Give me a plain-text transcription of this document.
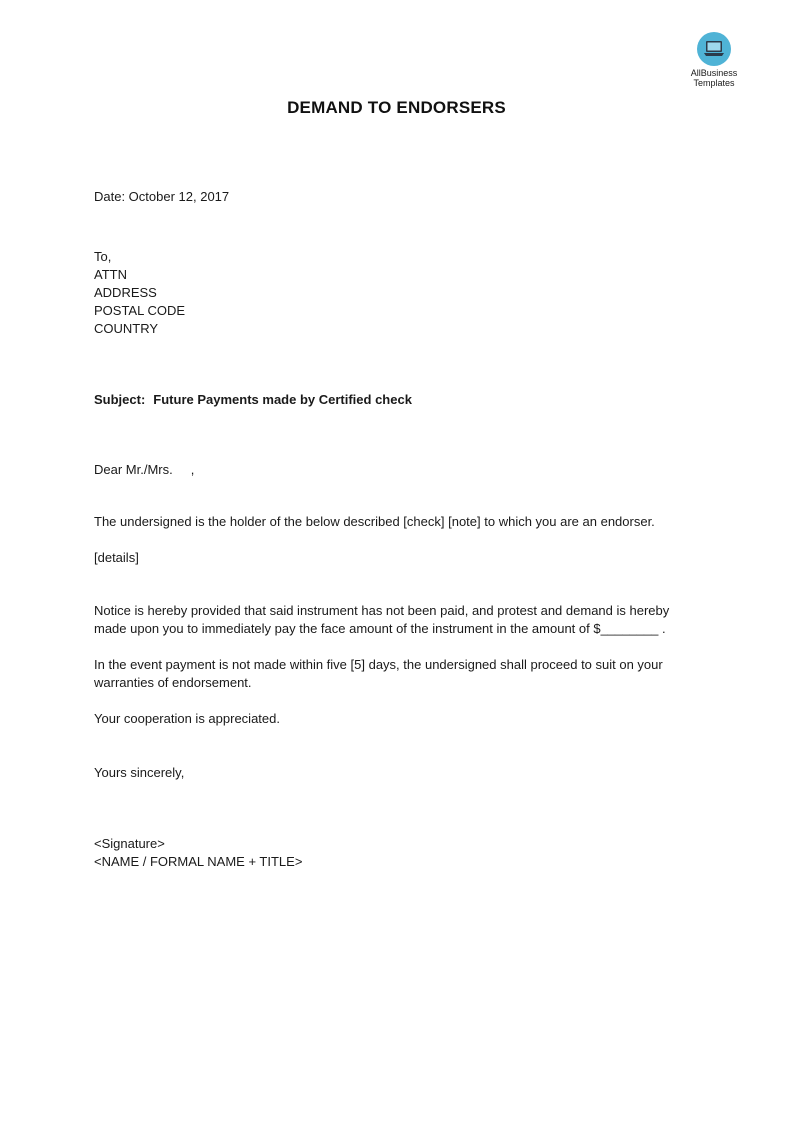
AllBusiness
Templates
DEMAND TO ENDORSERS
Date: October 12, 2017
To,
ATTN
ADDRESS
POSTAL CODE
COUNTRY
Subject: Future Payments made by Certified check
Dear Mr./Mrs.     ,
The undersigned is the holder of the below described [check] [note] to which you are an endorser.
[details]
Notice is hereby provided that said instrument has not been paid, and protest and demand is hereby
made upon you to immediately pay the face amount of the instrument in the amount of $________ .
In the event payment is not made within five [5] days, the undersigned shall proceed to suit on your
warranties of endorsement.
Your cooperation is appreciated.
Yours sincerely,
<Signature>
<NAME / FORMAL NAME + TITLE>
